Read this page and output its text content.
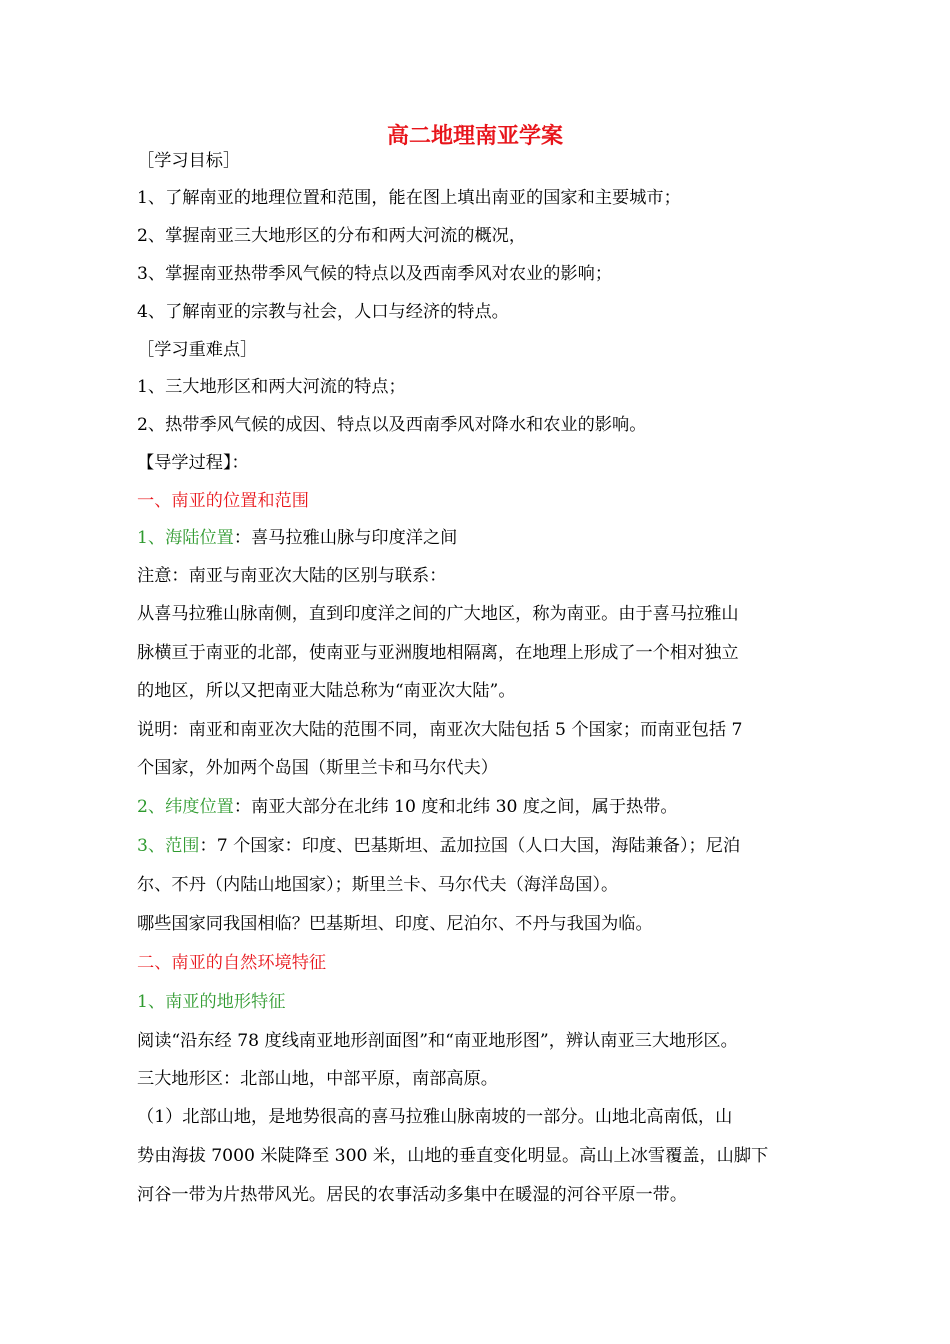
高二地理南亚学案
［学习目标］
1、了解南亚的地理位置和范围，能在图上填出南亚的国家和主要城市；
2、掌握南亚三大地形区的分布和两大河流的概况，
3、掌握南亚热带季风气候的特点以及西南季风对农业的影响；
4、了解南亚的宗教与社会，人口与经济的特点。
［学习重难点］
1、三大地形区和两大河流的特点；
2、热带季风气候的成因、特点以及西南季风对降水和农业的影响。
【导学过程】：
一、南亚的位置和范围
1、海陆位置：喜马拉雅山脉与印度洋之间
注意：南亚与南亚次大陆的区别与联系：
从喜马拉雅山脉南侧，直到印度洋之间的广大地区，称为南亚。由于喜马拉雅山
脉横亘于南亚的北部，使南亚与亚洲腹地相隔离，在地理上形成了一个相对独立
的地区，所以又把南亚大陆总称为“南亚次大陆”。
说明：南亚和南亚次大陆的范围不同，南亚次大陆包括 5 个国家；而南亚包括 7
个国家，外加两个岛国（斯里兰卡和马尔代夫）
2、纬度位置：南亚大部分在北纬 10 度和北纬 30 度之间，属于热带。
3、范围：7 个国家：印度、巴基斯坦、孟加拉国（人口大国，海陆兼备）；尼泊
尔、不丹（内陆山地国家）；斯里兰卡、马尔代夫（海洋岛国）。
哪些国家同我国相临？巴基斯坦、印度、尼泊尔、不丹与我国为临。
二、南亚的自然环境特征
1、南亚的地形特征
阅读“沿东经 78 度线南亚地形剖面图”和“南亚地形图”，辨认南亚三大地形区。
三大地形区：北部山地，中部平原，南部高原。
（1）北部山地，是地势很高的喜马拉雅山脉南坡的一部分。山地北高南低，山
势由海拔 7000 米陡降至 300 米，山地的垂直变化明显。高山上冰雪覆盖，山脚下
河谷一带为片热带风光。居民的农事活动多集中在暖湿的河谷平原一带。
